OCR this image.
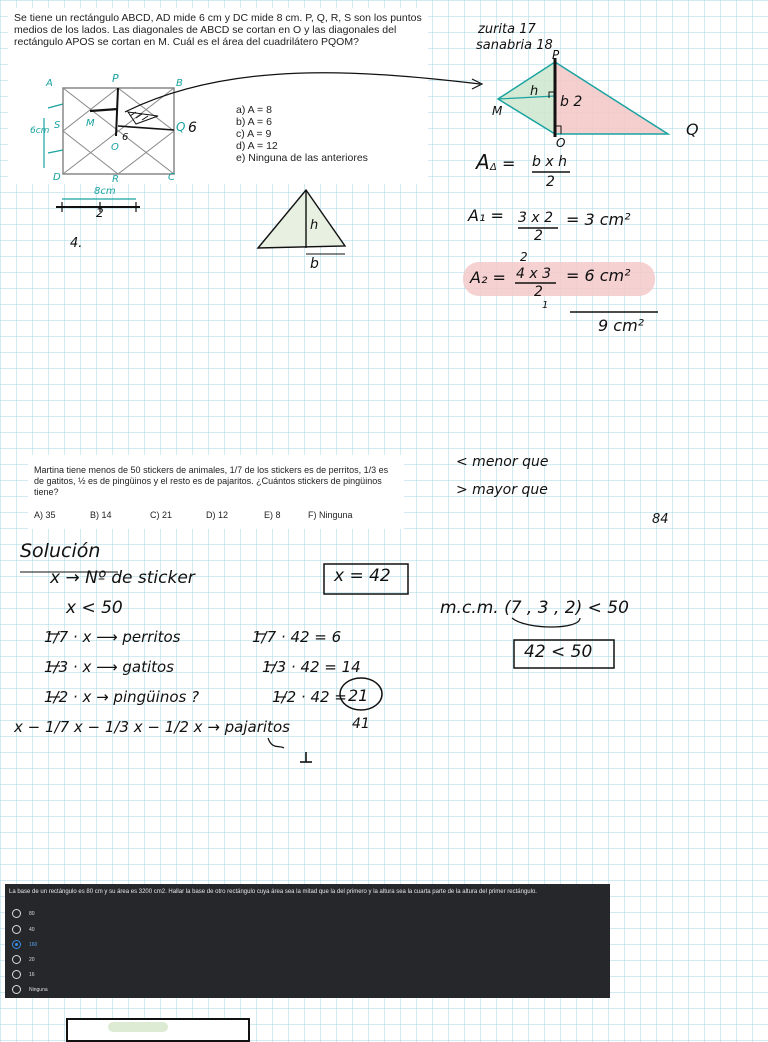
Se tiene un rectángulo ABCD, AD mide 6 cm y DC mide 8 cm. P, Q, R, S son los puntos medios de los lados. Las diagonales de ABCD se cortan en O y las diagonales del rectángulo APOS se cortan en M. Cuál es el área del cuadrilátero PQOM?
A	P	B
S
6cm
M
6
Q 6
O
D	R	C
a) A = 8
b) A = 6
c) A = 9
d) A = 12
e) Ninguna de las anteriores
zurita 17
sanabria 18
P
M
h
b 2
O
Q
A Δ = b x h
2
A₁ = 3 x 2
2
= 3 cm²
2
A₂ = 4 x 3
2
= 6 cm²
1
9 cm²
8cm
2
4.
h
b
Martina tiene menos de 50 stickers de animales, 1/7 de los stickers es de perritos, 1/3 es de gatitos, ½ es de pingüinos y el resto es de pajaritos. ¿Cuántos stickers de pingüinos tiene?
A) 35	B) 14	C) 21	D) 12	E) 8	F) Ninguna
< menor que
> mayor que
84
Solución
x → Nº de sticker	x = 42
x < 50
1/7 · x ⟶ perritos	1/7 · 42 = 6
1/3 · x ⟶ gatitos	1/3 · 42 = 14
1/2 · x → pingüinos ?	1/2 · 42 = 21
x − 1/7 x − 1/3 x − 1/2 x → pajaritos	41
m.c.m. (7 , 3 , 2) < 50
42 < 50
La base de un rectángulo es 80 cm y su área es 3200 cm2. Hallar la base de otro rectángulo cuya área sea la mitad que la del primero y la altura sea la cuarta parte de la altura del primer rectángulo.
80
40
160
20
16
Ninguna
